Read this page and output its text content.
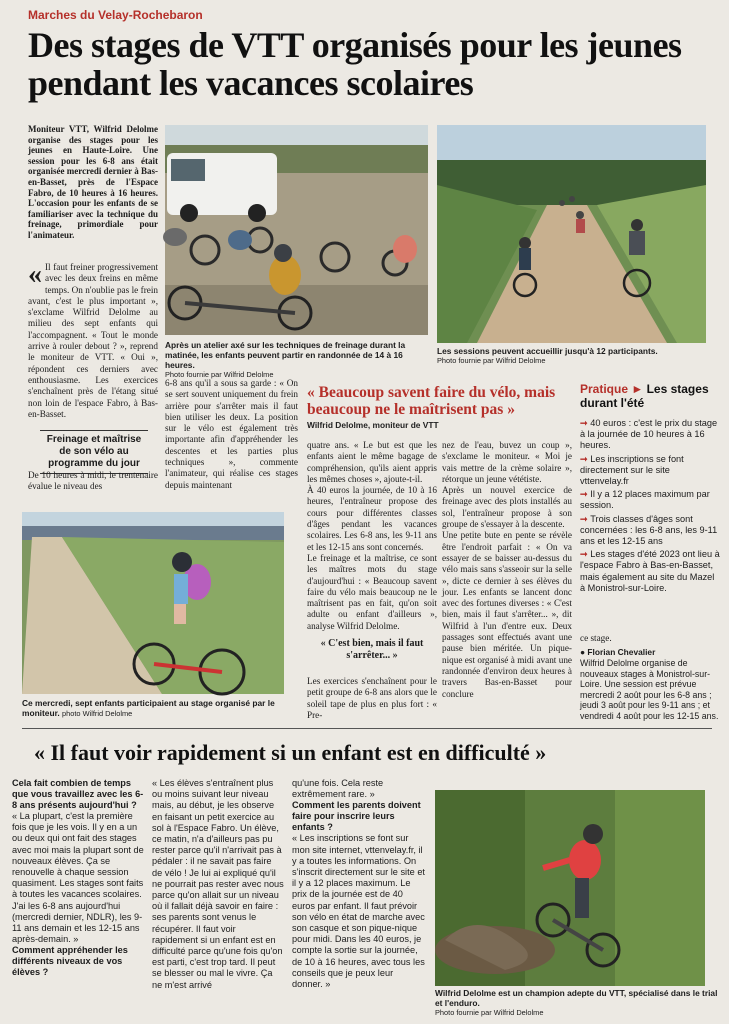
Marches du Velay-Rochebaron
Des stages de VTT organisés pour les jeunes pendant les vacances scolaires
Moniteur VTT, Wilfrid Delolme organise des stages pour les jeunes en Haute-Loire. Une session pour les 6-8 ans était organisée mercredi dernier à Bas-en-Basset, près de l'Espace Fabro, de 10 heures à 16 heures. L'occasion pour les enfants de se familiariser avec la technique du freinage, primordiale pour l'animateur.
« Il faut freiner progressivement avec les deux freins en même temps. On n'oublie pas le frein avant, c'est le plus important », s'exclame Wilfrid Delolme au milieu des sept enfants qui l'accompagnent. « Tout le monde arrive à rouler debout ? », reprend le moniteur de VTT. « Oui », répondent ces derniers avec enthousiasme. Les exercices s'enchaînent près de l'étang situé non loin de l'espace Fabro, à Bas-en-Basset.
Freinage et maîtrise de son vélo au programme du jour
De 10 heures à midi, le trentenaire évalue le niveau des
Après un atelier axé sur les techniques de freinage durant la matinée, les enfants peuvent partir en randonnée de 14 à 16 heures.
Photo fournie par Wilfrid Delolme
Les sessions peuvent accueillir jusqu'à 12 participants.
Photo fournie par Wilfrid Delolme
6-8 ans qu'il a sous sa garde : « On se sert souvent uniquement du frein arrière pour s'arrêter mais il faut bien utiliser les deux. La position sur le vélo est également très importante afin d'appréhender les descentes et les parties plus techniques », commente l'animateur, qui réalise ces stages depuis maintenant
« Beaucoup savent faire du vélo, mais beaucoup ne le maîtrisent pas »
Wilfrid Delolme, moniteur de VTT
quatre ans. « Le but est que les enfants aient le même bagage de compréhension, qu'ils aient appris les mêmes choses », ajoute-t-il.
À 40 euros la journée, de 10 à 16 heures, l'entraîneur propose des cours pour différentes classes d'âges pendant les vacances scolaires. Les 6-8 ans, les 9-11 ans et les 12-15 ans sont concernés.
Le freinage et la maîtrise, ce sont les maîtres mots du stage d'aujourd'hui : « Beaucoup savent faire du vélo mais beaucoup ne le maîtrisent pas en fait, qu'on soit adulte ou enfant d'ailleurs », analyse Wilfrid Delolme.
« C'est bien, mais il faut s'arrêter... »
Les exercices s'enchaînent pour le petit groupe de 6-8 ans alors que le soleil tape de plus en plus fort : « Pre-
nez de l'eau, buvez un coup », s'exclame le moniteur. « Moi je vais mettre de la crème solaire », rétorque un jeune vététiste.
Après un nouvel exercice de freinage avec des plots installés au sol, l'entraîneur propose à son groupe de s'essayer à la descente.
Une petite bute en pente se révèle être l'endroit parfait : « On va essayer de se baisser au-dessus du vélo mais sans s'asseoir sur la selle », dicte ce dernier à ses élèves du jour. Les enfants se lancent donc avec des fortunes diverses : « C'est bien, mais il faut s'arrêter... », dit Wilfrid à l'un d'entre eux. Deux passages sont effectués avant une pause bien méritée. Un pique-nique est organisé à midi avant une randonnée d'environ deux heures à travers Bas-en-Basset pour conclure
Pratique ► Les stages durant l'été
➞ 40 euros : c'est le prix du stage à la journée de 10 heures à 16 heures.
➞ Les inscriptions se font directement sur le site vttenvelay.fr
➞ Il y a 12 places maximum par session.
➞ Trois classes d'âges sont concernées : les 6-8 ans, les 9-11 ans et les 12-15 ans
➞ Les stages d'été 2023 ont lieu à l'espace Fabro à Bas-en-Basset, mais également au site du Mazel à Monistrol-sur-Loire.
ce stage.
● Florian Chevalier
Wilfrid Delolme organise de nouveaux stages à Monistrol-sur-Loire. Une session est prévue mercredi 2 août pour les 6-8 ans ; jeudi 3 août pour les 9-11 ans ; et vendredi 4 août pour les 12-15 ans.
Ce mercredi, sept enfants participaient au stage organisé par le moniteur. photo Wilfrid Delolme
« Il faut voir rapidement si un enfant est en difficulté »
Cela fait combien de temps que vous travaillez avec les 6-8 ans présents aujourd'hui ?
« La plupart, c'est la première fois que je les vois. Il y en a un ou deux qui ont fait des stages avec moi mais la plupart sont de nouveaux élèves. Ça se renouvelle à chaque session quasiment. Les stages sont faits à toutes les vacances scolaires. J'ai les 6-8 ans aujourd'hui (mercredi dernier, NDLR), les 9-11 ans demain et les 12-15 ans après-demain. »
Comment appréhender les différents niveaux de vos élèves ?
« Les élèves s'entraînent plus ou moins suivant leur niveau mais, au début, je les observe en faisant un petit exercice au sol à l'Espace Fabro. Un élève, ce matin, n'a d'ailleurs pas pu rester parce qu'il n'arrivait pas à pédaler : il ne savait pas faire de vélo ! Je lui ai expliqué qu'il ne pourrait pas rester avec nous parce qu'on allait sur un niveau où il fallait déjà savoir en faire : ses parents sont venus le récupérer. Il faut voir rapidement si un enfant est en difficulté parce qu'une fois qu'on est parti, c'est trop tard. Il peut se blesser ou mal le vivre. Ça ne m'est arrivé
qu'une fois. Cela reste extrêmement rare. »
Comment les parents doivent faire pour inscrire leurs enfants ?
« Les inscriptions se font sur mon site internet, vttenvelay.fr, il y a toutes les informations. On s'inscrit directement sur le site et il y a 12 places maximum. Le prix de la journée est de 40 euros par enfant. Il faut prévoir son vélo en état de marche avec son casque et son pique-nique pour midi. Dans les 40 euros, je compte la sortie sur la journée, de 10 à 16 heures, avec tous les conseils que je peux leur donner. »
Wilfrid Delolme est un champion adepte du VTT, spécialisé dans le trial et l'enduro.
Photo fournie par Wilfrid Delolme
